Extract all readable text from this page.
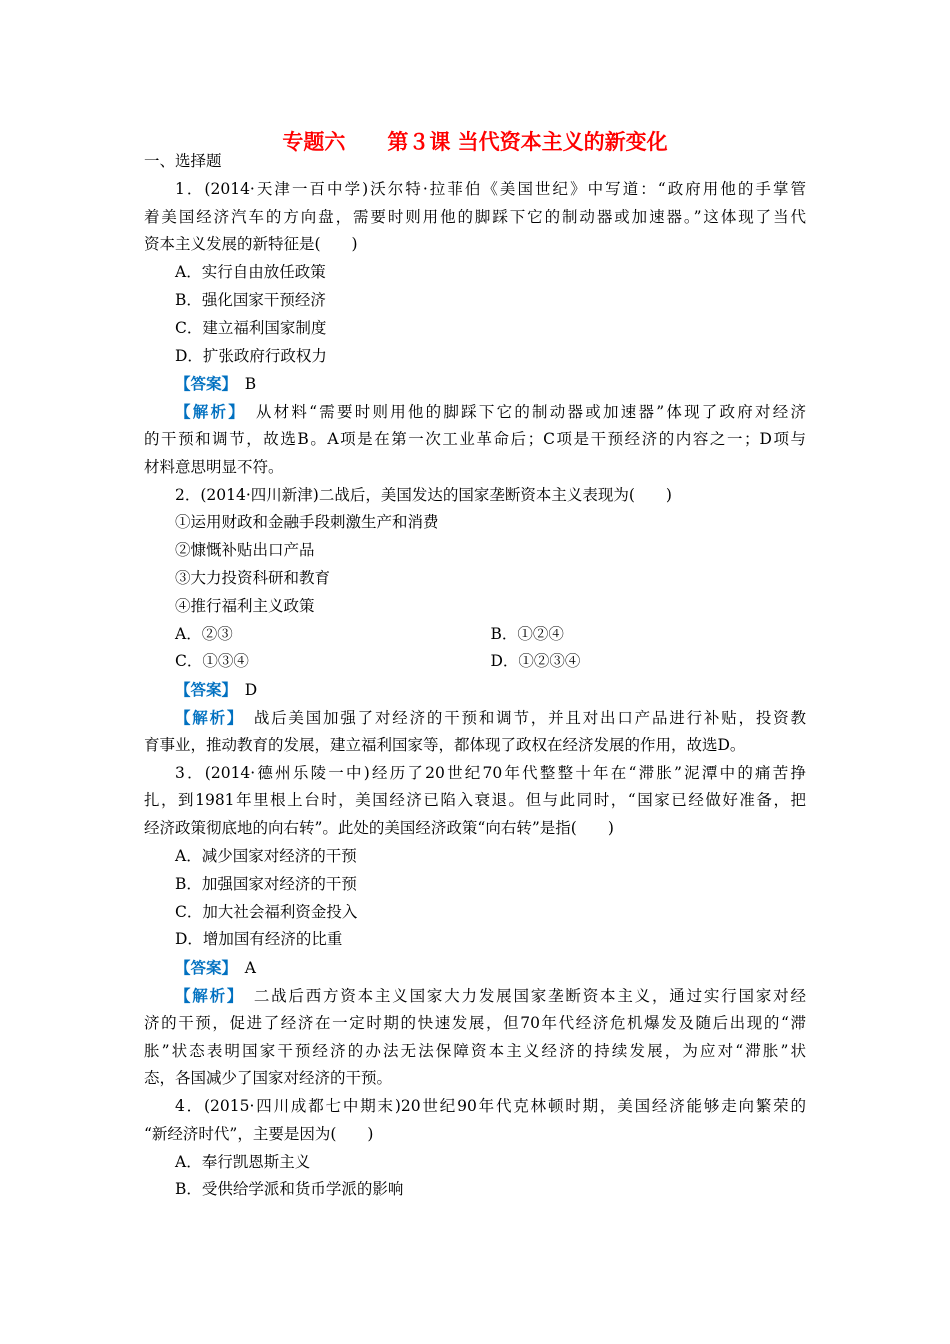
专题六　　第３课 当代资本主义的新变化
一、选择题
1．(2014·天津一百中学)沃尔特·拉菲伯《美国世纪》中写道：“政府用他的手掌管
着美国经济汽车的方向盘，需要时则用他的脚踩下它的制动器或加速器。”这体现了当代
资本主义发展的新特征是(　　)
A．实行自由放任政策
B．强化国家干预经济
C．建立福利国家制度
D．扩张政府行政权力
【答案】　 B
【解析】　 从材料“需要时则用他的脚踩下它的制动器或加速器”体现了政府对经济
的干预和调节，故选B。A项是在第一次工业革命后；C项是干预经济的内容之一；D项与
材料意思明显不符。
2．(2014·四川新津)二战后，美国发达的国家垄断资本主义表现为(　　)
①运用财政和金融手段刺激生产和消费
②慷慨补贴出口产品
③大力投资科研和教育
④推行福利主义政策
A．②③	B．①②④
C．①③④	D．①②③④
【答案】　 D
【解析】　 战后美国加强了对经济的干预和调节，并且对出口产品进行补贴，投资教
育事业，推动教育的发展，建立福利国家等，都体现了政权在经济发展的作用，故选D。
3．(2014·德州乐陵一中)经历了20世纪70年代整整十年在“滞胀”泥潭中的痛苦挣
扎，到1981年里根上台时，美国经济已陷入衰退。但与此同时，“国家已经做好准备，把
经济政策彻底地的向右转”。此处的美国经济政策“向右转”是指(　　)
A．减少国家对经济的干预
B．加强国家对经济的干预
C．加大社会福利资金投入
D．增加国有经济的比重
【答案】　 A
【解析】　 二战后西方资本主义国家大力发展国家垄断资本主义，通过实行国家对经
济的干预，促进了经济在一定时期的快速发展，但70年代经济危机爆发及随后出现的“滞
胀”状态表明国家干预经济的办法无法保障资本主义经济的持续发展，为应对“滞胀”状
态，各国减少了国家对经济的干预。
4．(2015·四川成都七中期末)20世纪90年代克林顿时期，美国经济能够走向繁荣的
“新经济时代”，主要是因为(　　)
A．奉行凯恩斯主义
B．受供给学派和货币学派的影响
